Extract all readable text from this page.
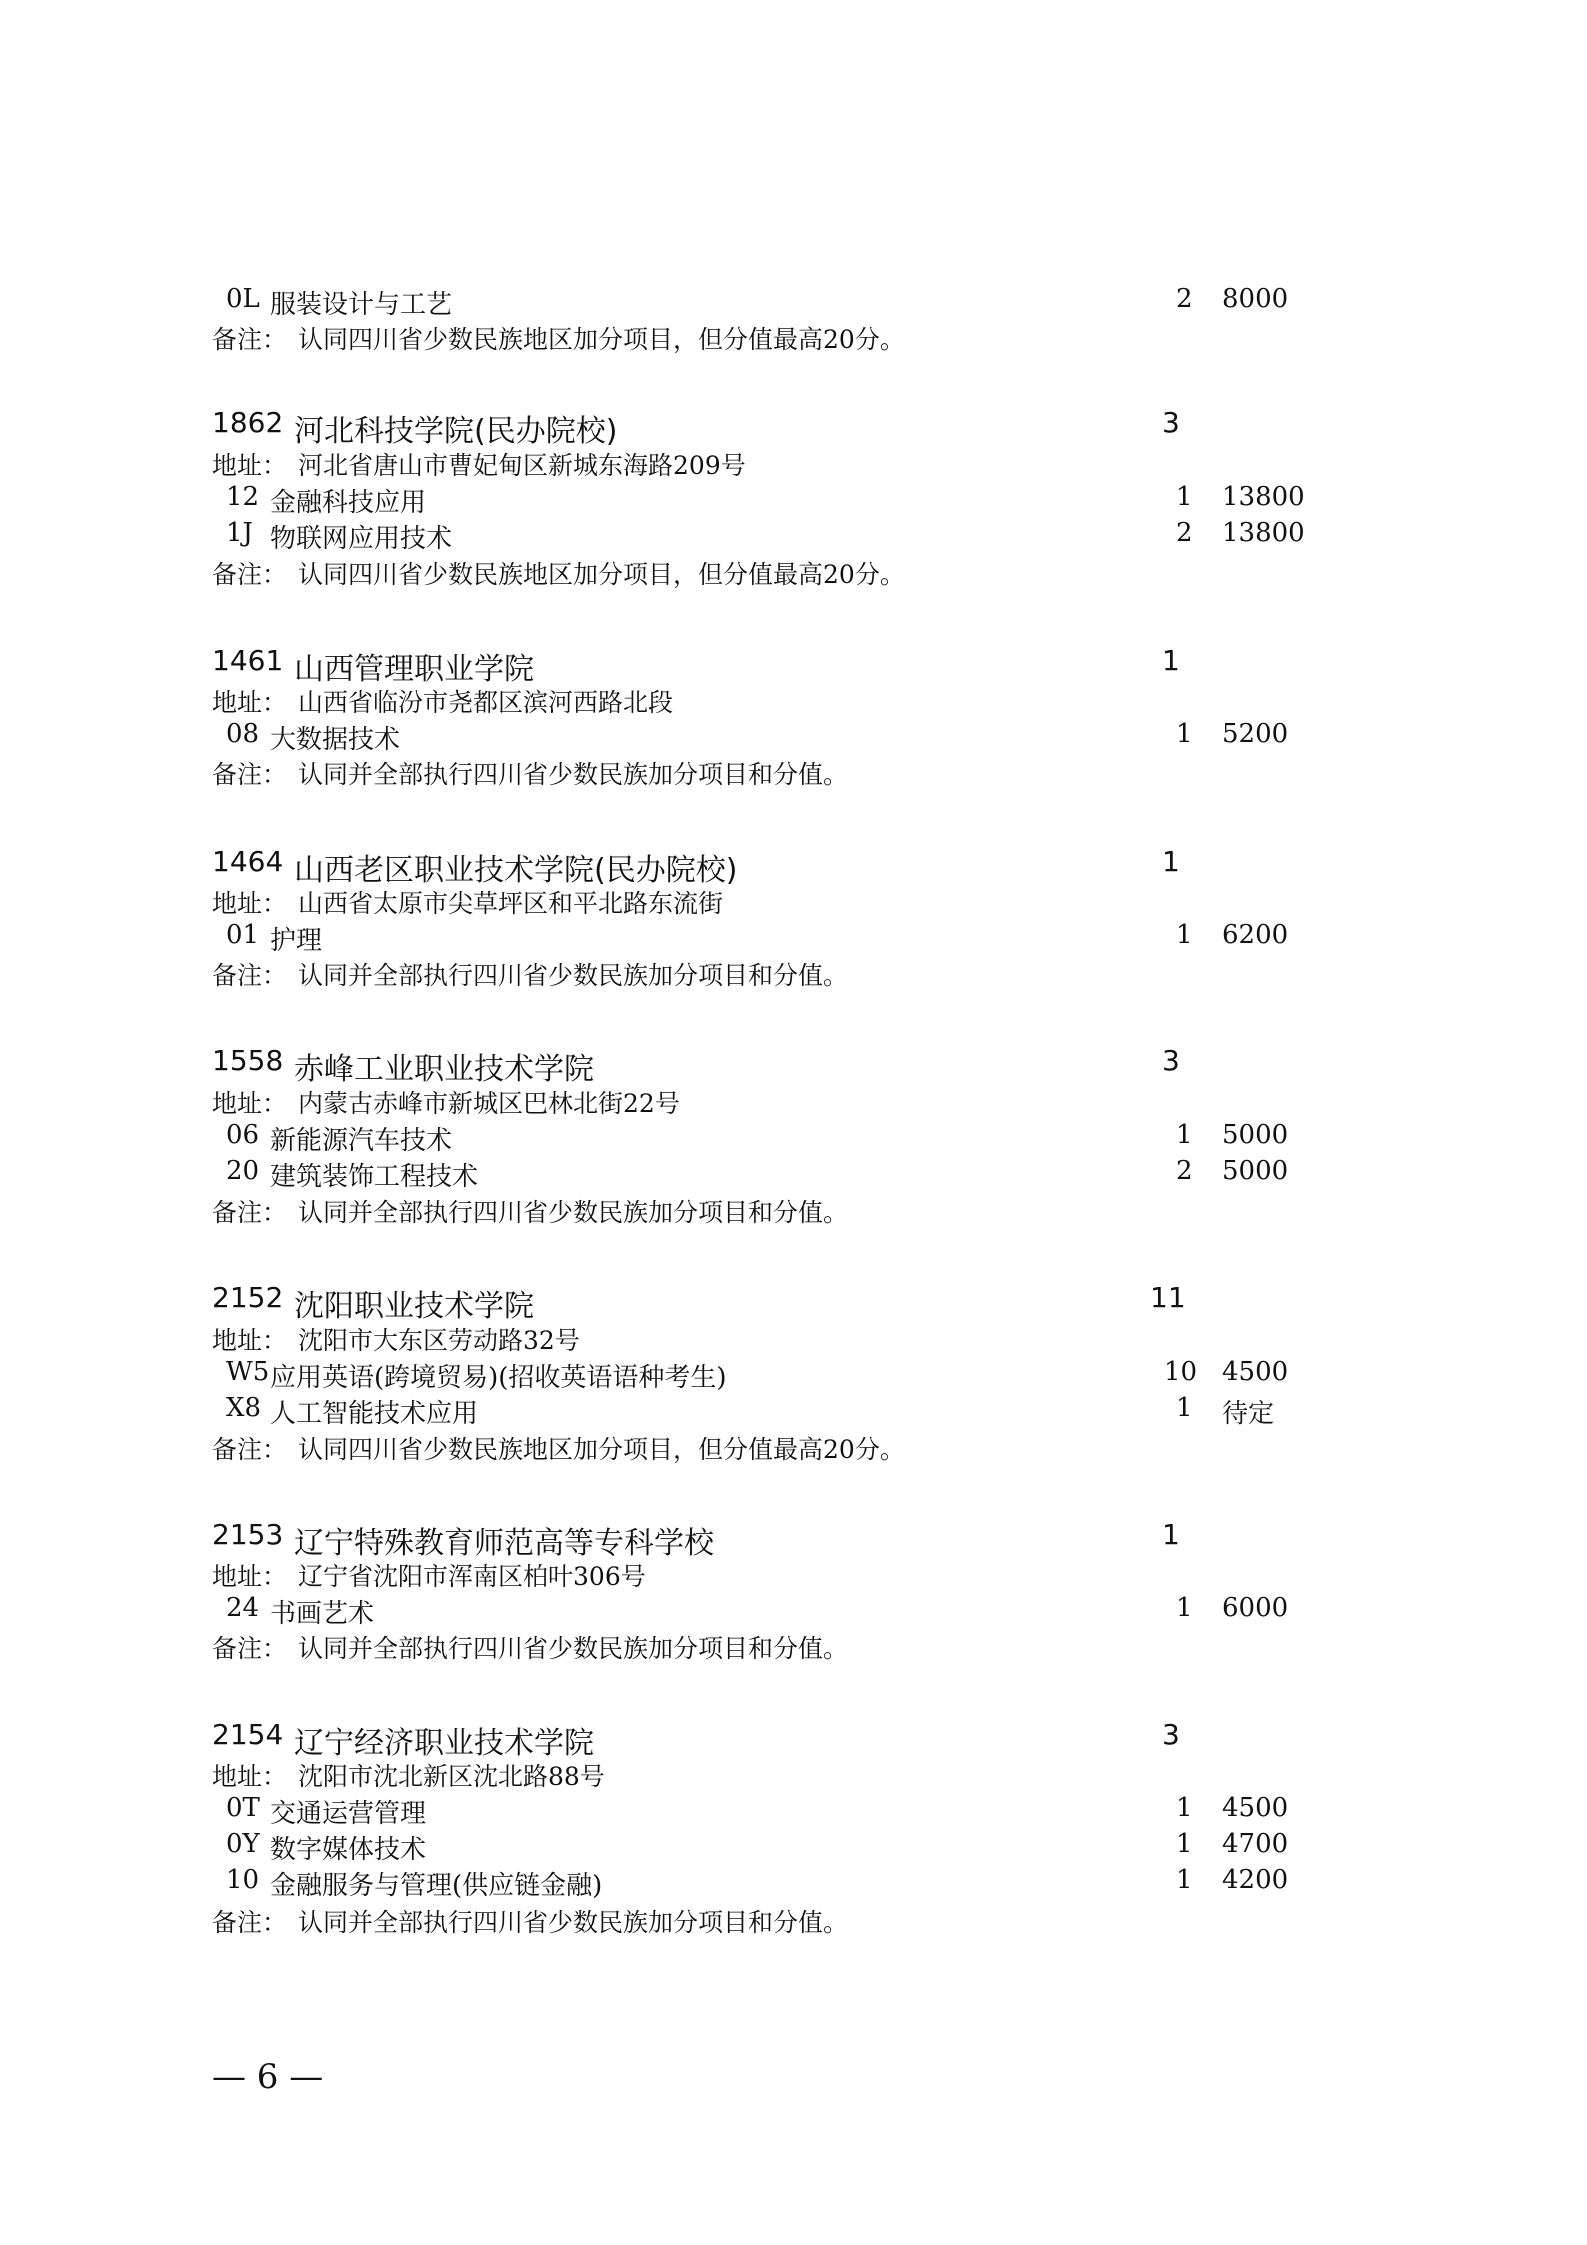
0L 服装设计与工艺	2 8000
备注： 认同四川省少数民族地区加分项目，但分值最高20分。
1862 河北科技学院(民办院校)	3
地址： 河北省唐山市曹妃甸区新城东海路209号
12 金融科技应用	1 13800
1J 物联网应用技术	2 13800
备注： 认同四川省少数民族地区加分项目，但分值最高20分。
1461 山西管理职业学院	1
地址： 山西省临汾市尧都区滨河西路北段
08 大数据技术	1 5200
备注： 认同并全部执行四川省少数民族加分项目和分值。
1464 山西老区职业技术学院(民办院校)	1
地址： 山西省太原市尖草坪区和平北路东流街
01 护理	1 6200
备注： 认同并全部执行四川省少数民族加分项目和分值。
1558 赤峰工业职业技术学院	3
地址： 内蒙古赤峰市新城区巴林北街22号
06 新能源汽车技术	1 5000
20 建筑装饰工程技术	2 5000
备注： 认同并全部执行四川省少数民族加分项目和分值。
2152 沈阳职业技术学院	11
地址： 沈阳市大东区劳动路32号
W5 应用英语(跨境贸易)(招收英语语种考生)	10 4500
X8 人工智能技术应用	1 待定
备注： 认同四川省少数民族地区加分项目，但分值最高20分。
2153 辽宁特殊教育师范高等专科学校	1
地址： 辽宁省沈阳市浑南区柏叶306号
24 书画艺术	1 6000
备注： 认同并全部执行四川省少数民族加分项目和分值。
2154 辽宁经济职业技术学院	3
地址： 沈阳市沈北新区沈北路88号
0T 交通运营管理	1 4500
0Y 数字媒体技术	1 4700
10 金融服务与管理(供应链金融)	1 4200
备注： 认同并全部执行四川省少数民族加分项目和分值。
— 6 —
